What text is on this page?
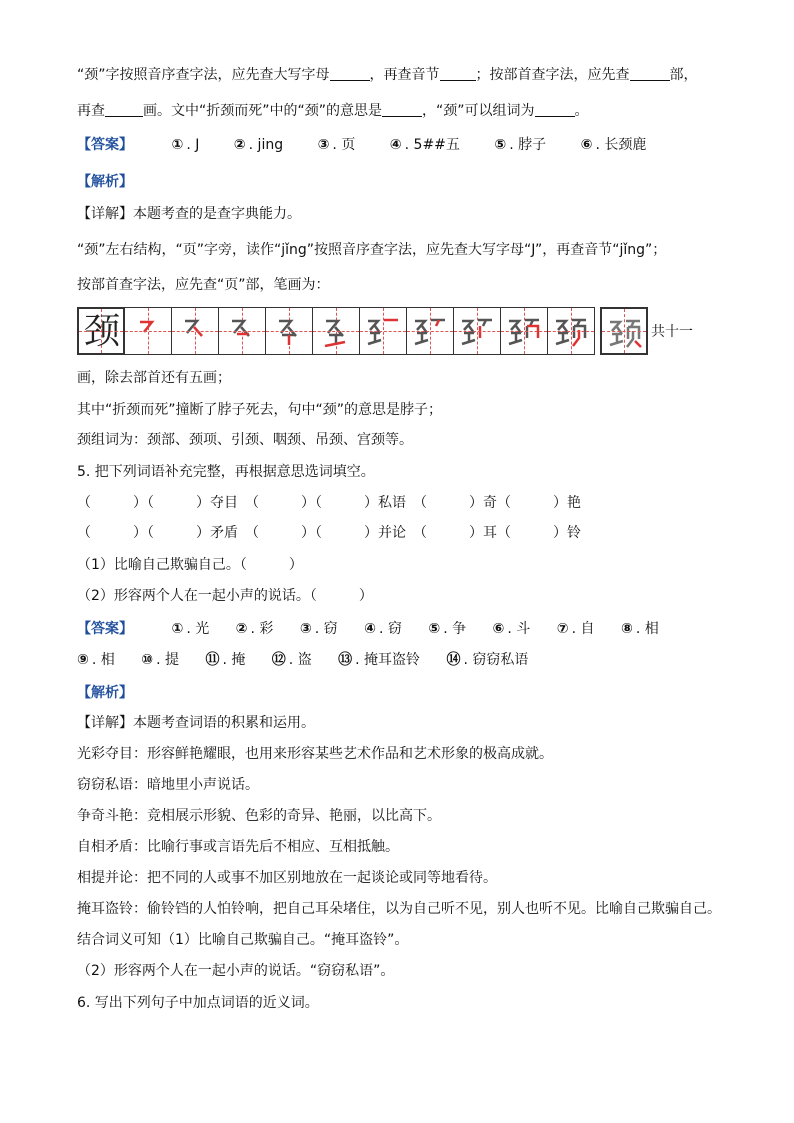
“颈”字按照音序查字法，应先查大写字母	，再查音节	；按部首查字法，应先查	部，
再查	画。文中“折颈而死”中的“颈”的意思是	，“颈”可以组词为	。
【答案】	① . J ② . jing ③ . 页 ④ . 5##五 ⑤ . 脖子 ⑥ . 长颈鹿
【解析】
【详解】本题考查的是查字典能力。
“颈”左右结构，“页”字旁，读作“jǐng”按照音序查字法，应先查大写字母“J”，再查音节“jǐng”；
按部首查字法，应先查“页”部，笔画为：
颈	共十一
画，除去部首还有五画；
其中“折颈而死”撞断了脖子死去，句中“颈”的意思是脖子；
颈组词为：颈部、颈项、引颈、咽颈、吊颈、宫颈等。
5. 把下列词语补充完整，再根据意思选词填空。
（　　　）（　　　）夺目　（　　　）（　　　）私语　（　　　）奇（　　　）艳
（　　　）（　　　）矛盾　（　　　）（　　　）并论　（　　　）耳（　　　）铃
（1）比喻自己欺骗自己。（　　　）
（2）形容两个人在一起小声的说话。（　　　）
【答案】	① . 光 ② . 彩 ③ . 窃 ④ . 窃 ⑤ . 争 ⑥ . 斗 ⑦ . 自 ⑧ . 相
⑨ . 相 ⑩ . 提 ⑪ . 掩 ⑫ . 盗 ⑬ . 掩耳盗铃 ⑭ . 窃窃私语
【解析】
【详解】本题考查词语的积累和运用。
光彩夺目：形容鲜艳耀眼，也用来形容某些艺术作品和艺术形象的极高成就。
窃窃私语：暗地里小声说话。
争奇斗艳：竞相展示形貌、色彩的奇异、艳丽，以比高下。
自相矛盾：比喻行事或言语先后不相应、互相抵触。
相提并论：把不同的人或事不加区别地放在一起谈论或同等地看待。
掩耳盗铃：偷铃铛的人怕铃响，把自己耳朵堵住，以为自己听不见，别人也听不见。比喻自己欺骗自己。
结合词义可知（1）比喻自己欺骗自己。“掩耳盗铃”。
（2）形容两个人在一起小声的说话。“窃窃私语”。
6. 写出下列句子中加点词语的近义词。
